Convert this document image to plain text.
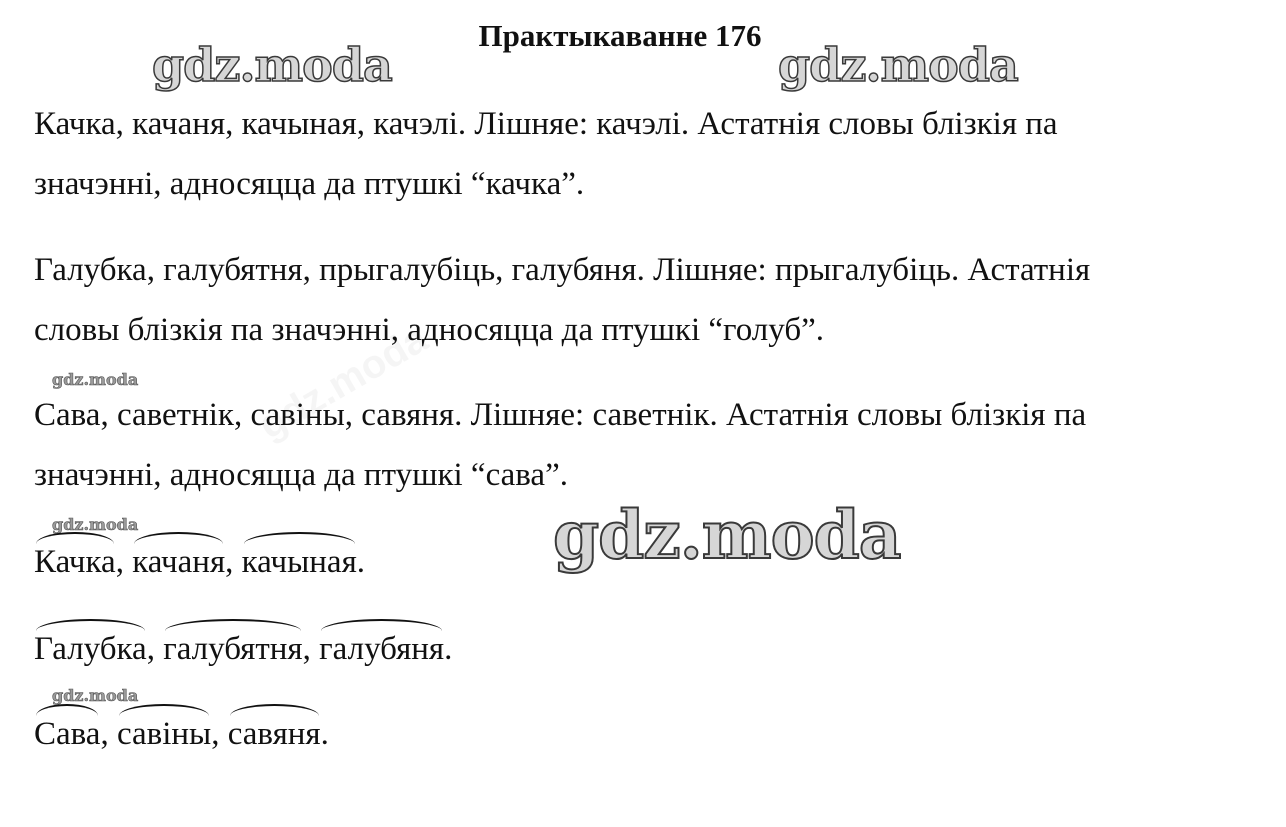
gdz.moda	gdz.moda
gdz.moda
gdz.moda
gdz.moda
gdz.moda
Практыкаванне 176
Качка, качаня, качыная, качэлі. Лішняе: качэлі. Астатнія словы блізкія па
значэнні, адносяцца да птушкі “качка”.
Галубка, галубятня, прыгалубіць, галубяня. Лішняе: прыгалубіць. Астатнія
словы блізкія па значэнні, адносяцца да птушкі “голуб”.
Сава, саветнік, савіны, савяня. Лішняе: саветнік. Астатнія словы блізкія па
значэнні, адносяцца да птушкі “сава”.
Качка, качаня, качыная.
Галубка, галубятня, галубяня.
Сава, савіны, савяня.
